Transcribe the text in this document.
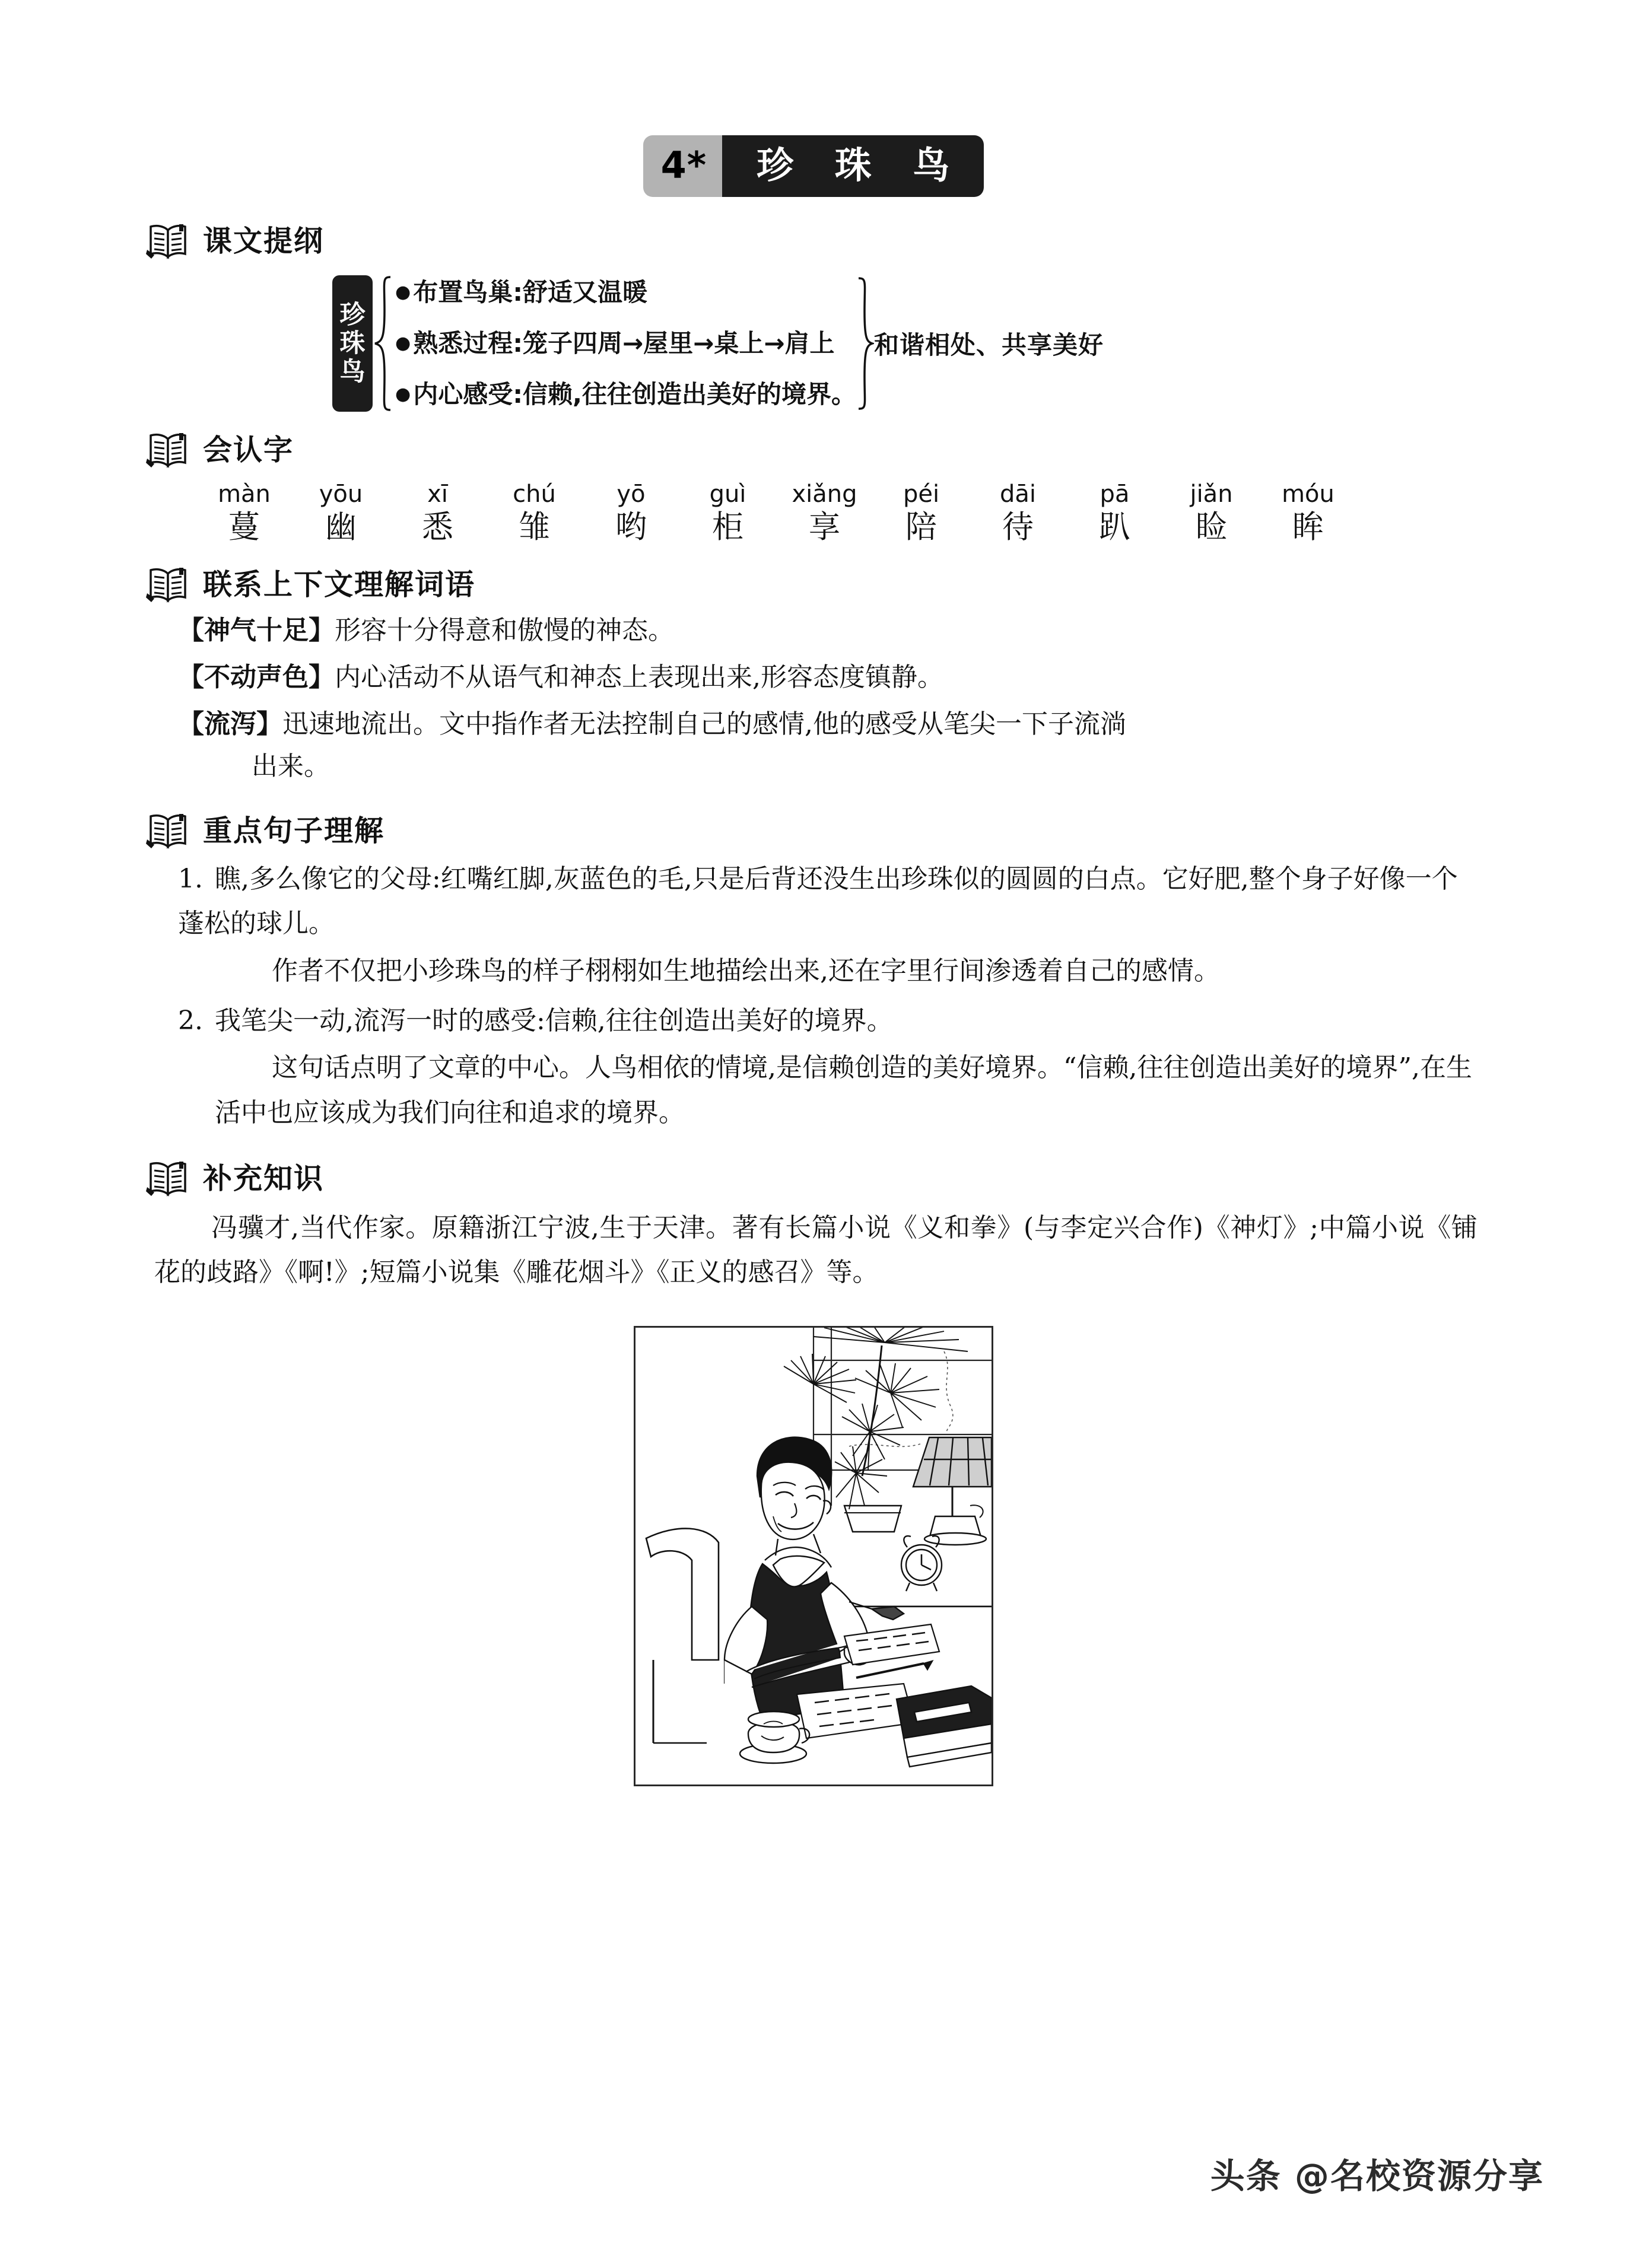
4*	珍 珠 鸟
课文提纲
珍
珠
鸟
● 布置鸟巢:舒适又温暖
● 熟悉过程:笼子四周→屋里→桌上→肩上
● 内心感受:信赖,往往创造出美好的境界。
和谐相处、共享美好
会认字
màn
蔓
yōu
幽
xī
悉
chú
雏
yō
哟
guì
柜
xiǎng
享
péi
陪
dāi
待
pā
趴
jiǎn
睑
móu
眸
联系上下文理解词语
【神气十足】形容十分得意和傲慢的神态。
【不动声色】内心活动不从语气和神态上表现出来,形容态度镇静。
【流泻】迅速地流出。文中指作者无法控制自己的感情,他的感受从笔尖一下子流淌
出来。
重点句子理解
1. 瞧,多么像它的父母:红嘴红脚,灰蓝色的毛,只是后背还没生出珍珠似的圆圆的白点。它好肥,整个身子好像一个蓬松的球儿。
作者不仅把小珍珠鸟的样子栩栩如生地描绘出来,还在字里行间渗透着自己的感情。
2. 我笔尖一动,流泻一时的感受:信赖,往往创造出美好的境界。
这句话点明了文章的中心。人鸟相依的情境,是信赖创造的美好境界。“信赖,往往创造出美好的境界”,在生活中也应该成为我们向往和追求的境界。
补充知识
冯骥才,当代作家。原籍浙江宁波,生于天津。著有长篇小说《义和拳》(与李定兴合作)《神灯》;中篇小说《铺花的歧路》《啊!》;短篇小说集《雕花烟斗》《正义的感召》等。
头条 @名校资源分享
